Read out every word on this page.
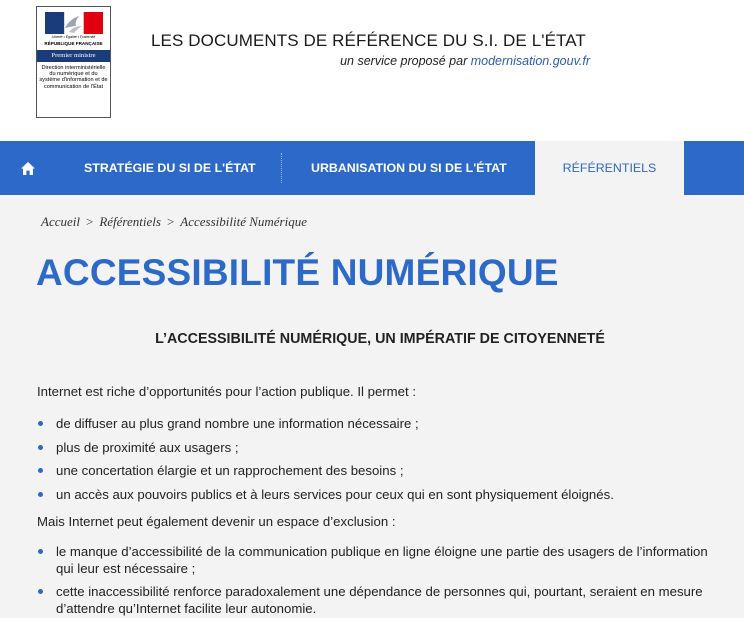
Liberté • Égalité • Fraternité
RÉPUBLIQUE FRANÇAISE
Premier ministre
Direction interministérielle du numérique et du système d'information et de communication de l'État
LES DOCUMENTS DE RÉFÉRENCE DU S.I. DE L'ÉTAT
un service proposé par modernisation.gouv.fr
STRATÉGIE DU SI DE L'ÉTAT	URBANISATION DU SI DE L'ÉTAT	RÉFÉRENTIELS
Accueil > Référentiels > Accessibilité Numérique
ACCESSIBILITÉ NUMÉRIQUE
L’ACCESSIBILITÉ NUMÉRIQUE, UN IMPÉRATIF DE CITOYENNETÉ

Internet est riche d’opportunités pour l’action publique. Il permet :

de diffuser au plus grand nombre une information nécessaire ;
plus de proximité aux usagers ;
une concertation élargie et un rapprochement des besoins ;
un accès aux pouvoirs publics et à leurs services pour ceux qui en sont physiquement éloignés.

Mais Internet peut également devenir un espace d’exclusion :

le manque d’accessibilité de la communication publique en ligne éloigne une partie des usagers de l’information qui leur est nécessaire ;
cette inaccessibilité renforce paradoxalement une dépendance de personnes qui, pourtant, seraient en mesure d’attendre qu’Internet facilite leur autonomie.
